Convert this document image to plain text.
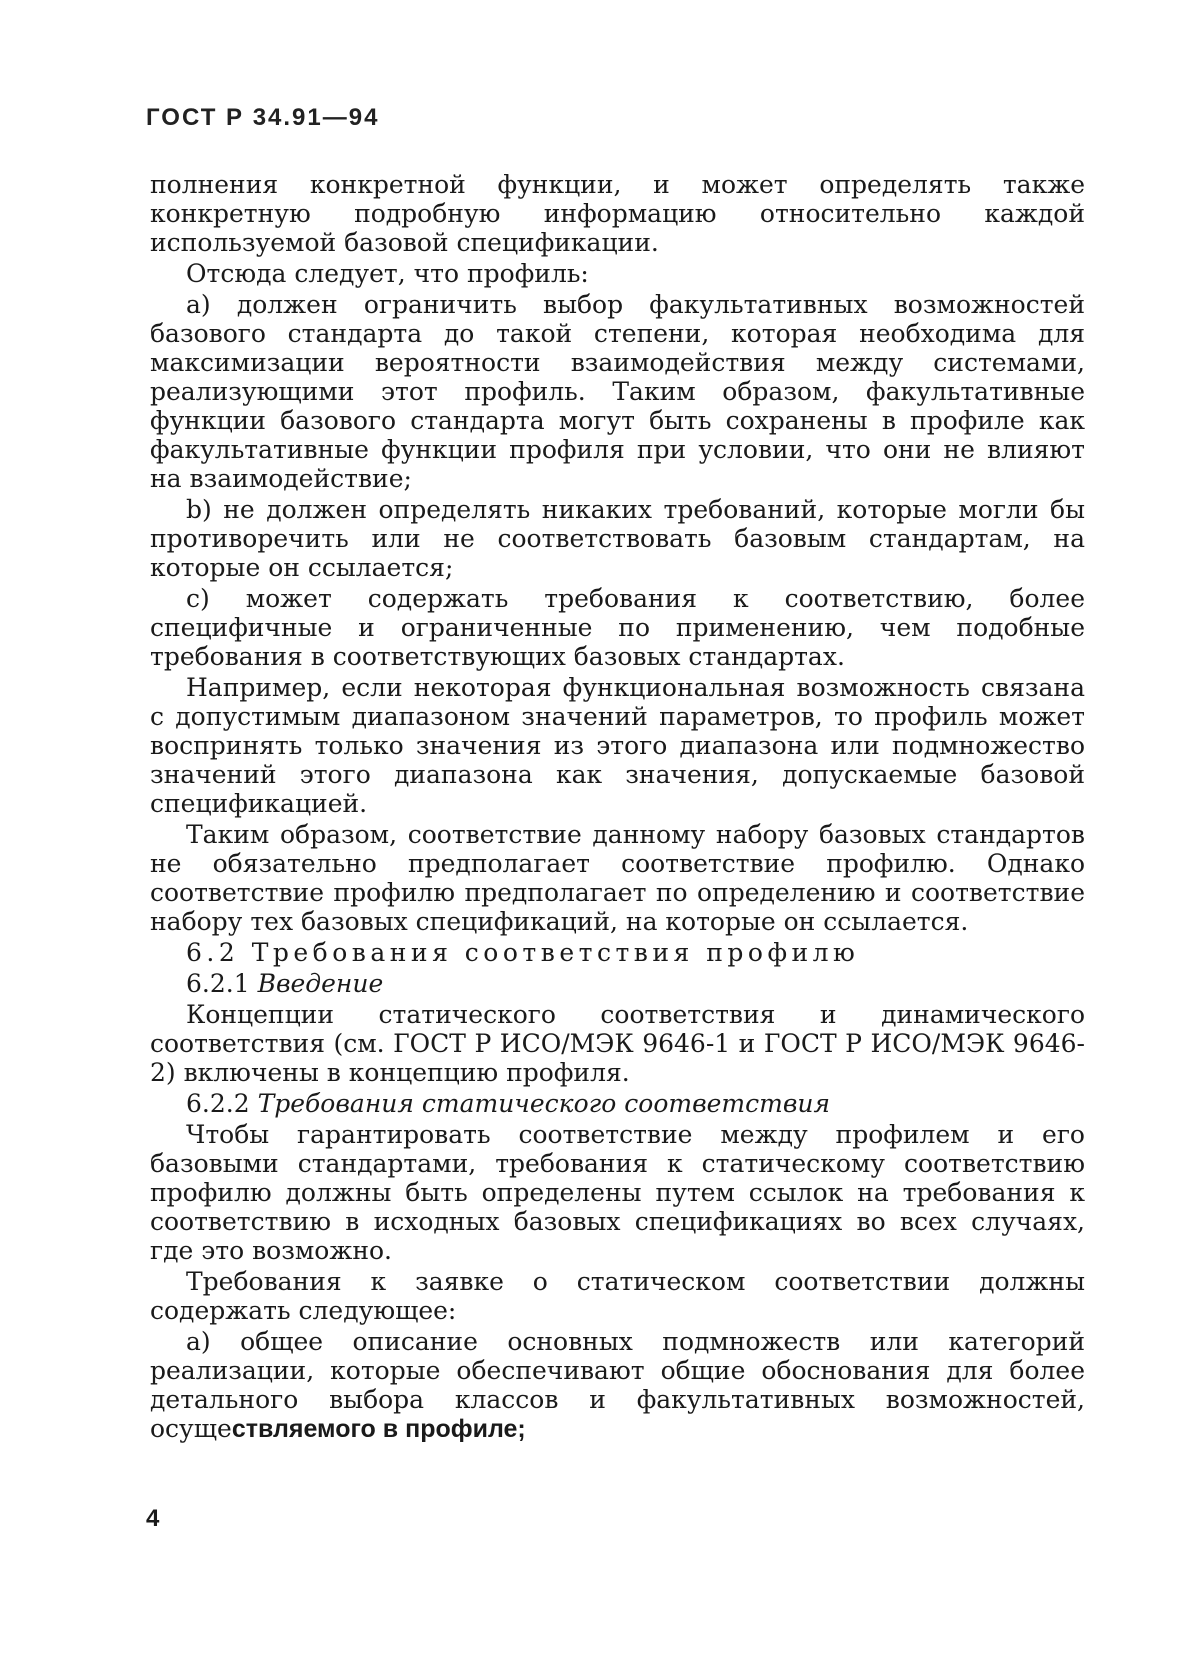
ГОСТ Р 34.91—94

полнения конкретной функции, и может определять также конкретную подробную информацию относительно каждой используемой базовой спецификации.

Отсюда следует, что профиль:

a) должен ограничить выбор факультативных возможностей базового стандарта до такой степени, которая необходима для максимизации вероятности взаимодействия между системами, реализующими этот профиль. Таким образом, факультативные функции базового стандарта могут быть сохранены в профиле как факультативные функции профиля при условии, что они не влияют на взаимодействие;

b) не должен определять никаких требований, которые могли бы противоречить или не соответствовать базовым стандартам, на которые он ссылается;

c) может содержать требования к соответствию, более специфичные и ограниченные по применению, чем подобные требования в соответствующих базовых стандартах.

Например, если некоторая функциональная возможность связана с допустимым диапазоном значений параметров, то профиль может воспринять только значения из этого диапазона или подмножество значений этого диапазона как значения, допускаемые базовой спецификацией.

Таким образом, соответствие данному набору базовых стандартов не обязательно предполагает соответствие профилю. Однако соответствие профилю предполагает по определению и соответствие набору тех базовых спецификаций, на которые он ссылается.

6.2 Требования соответствия профилю
6.2.1 Введение

Концепции статического соответствия и динамического соответствия (см. ГОСТ Р ИСО/МЭК 9646-1 и ГОСТ Р ИСО/МЭК 9646-2) включены в концепцию профиля.

6.2.2 Требования статического соответствия

Чтобы гарантировать соответствие между профилем и его базовыми стандартами, требования к статическому соответствию профилю должны быть определены путем ссылок на требования к соответствию в исходных базовых спецификациях во всех случаях, где это возможно.

Требования к заявке о статическом соответствии должны содержать следующее:

a) общее описание основных подмножеств или категорий реализации, которые обеспечивают общие обоснования для более детального выбора классов и факультативных возможностей, осуществляемого в профиле;

4
